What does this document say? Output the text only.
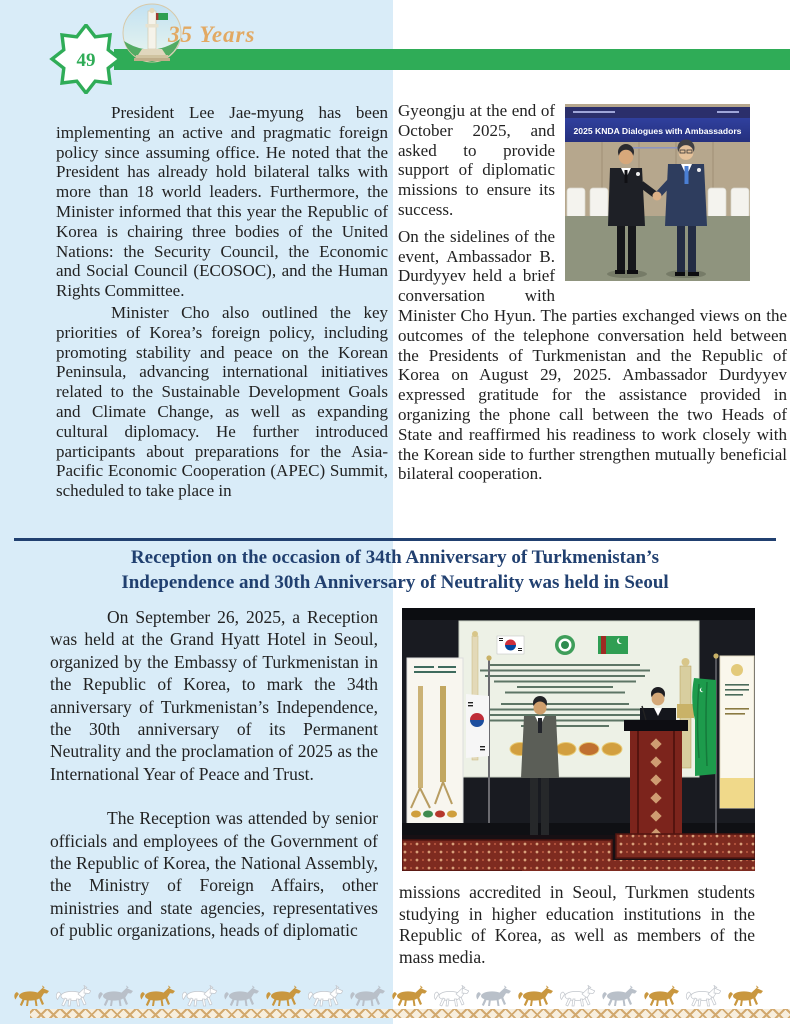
49
35 Years

President Lee Jae-myung has been implementing an active and pragmatic foreign policy since assuming office. He noted that the President has already hold bilateral talks with more than 18 world leaders. Furthermore, the Minister informed that this year the Republic of Korea is chairing three bodies of the United Nations: the Security Council, the Economic and Social Council (ECOSOC), and the Human Rights Committee.

Minister Cho also outlined the key priorities of Korea’s foreign policy, including promoting stability and peace on the Korean Peninsula, advancing international initiatives related to the Sustainable Development Goals and Climate Change, as well as expanding cultural diplomacy. He further introduced participants about preparations for the Asia-Pacific Economic Cooperation (APEC) Summit, scheduled to take place in

2025 KNDA Dialogues with Ambassadors

Gyeongju at the end of October 2025, and asked to provide support of diplomatic missions to ensure its success.

On the sidelines of the event, Ambassador B. Durdyyev held a brief conversation with Minister Cho Hyun. The parties exchanged views on the outcomes of the telephone conversation held between the Presidents of Turkmenistan and the Republic of Korea on August 29, 2025. Ambassador Durdyyev expressed gratitude for the assistance provided in organizing the phone call between the two Heads of State and reaffirmed his readiness to work closely with the Korean side to further strengthen mutually beneficial bilateral cooperation.

Reception on the occasion of 34th Anniversary of Turkmenistan’s
Independence and 30th Anniversary of Neutrality was held in Seoul

On September 26, 2025, a Reception was held at the Grand Hyatt Hotel in Seoul, organized by the Embassy of Turkmenistan in the Republic of Korea, to mark the 34th anniversary of Turkmenistan’s Independence, the 30th anniversary of its Permanent Neutrality and the proclamation of 2025 as the International Year of Peace and Trust.

The Reception was attended by senior officials and employees of the Government of the Republic of Korea, the National Assembly, the Ministry of Foreign Affairs, other ministries and state agencies, representatives of public organizations, heads of diplomatic

missions accredited in Seoul, Turkmen students studying in higher education institutions in the Republic of Korea, as well as members of the mass media.
